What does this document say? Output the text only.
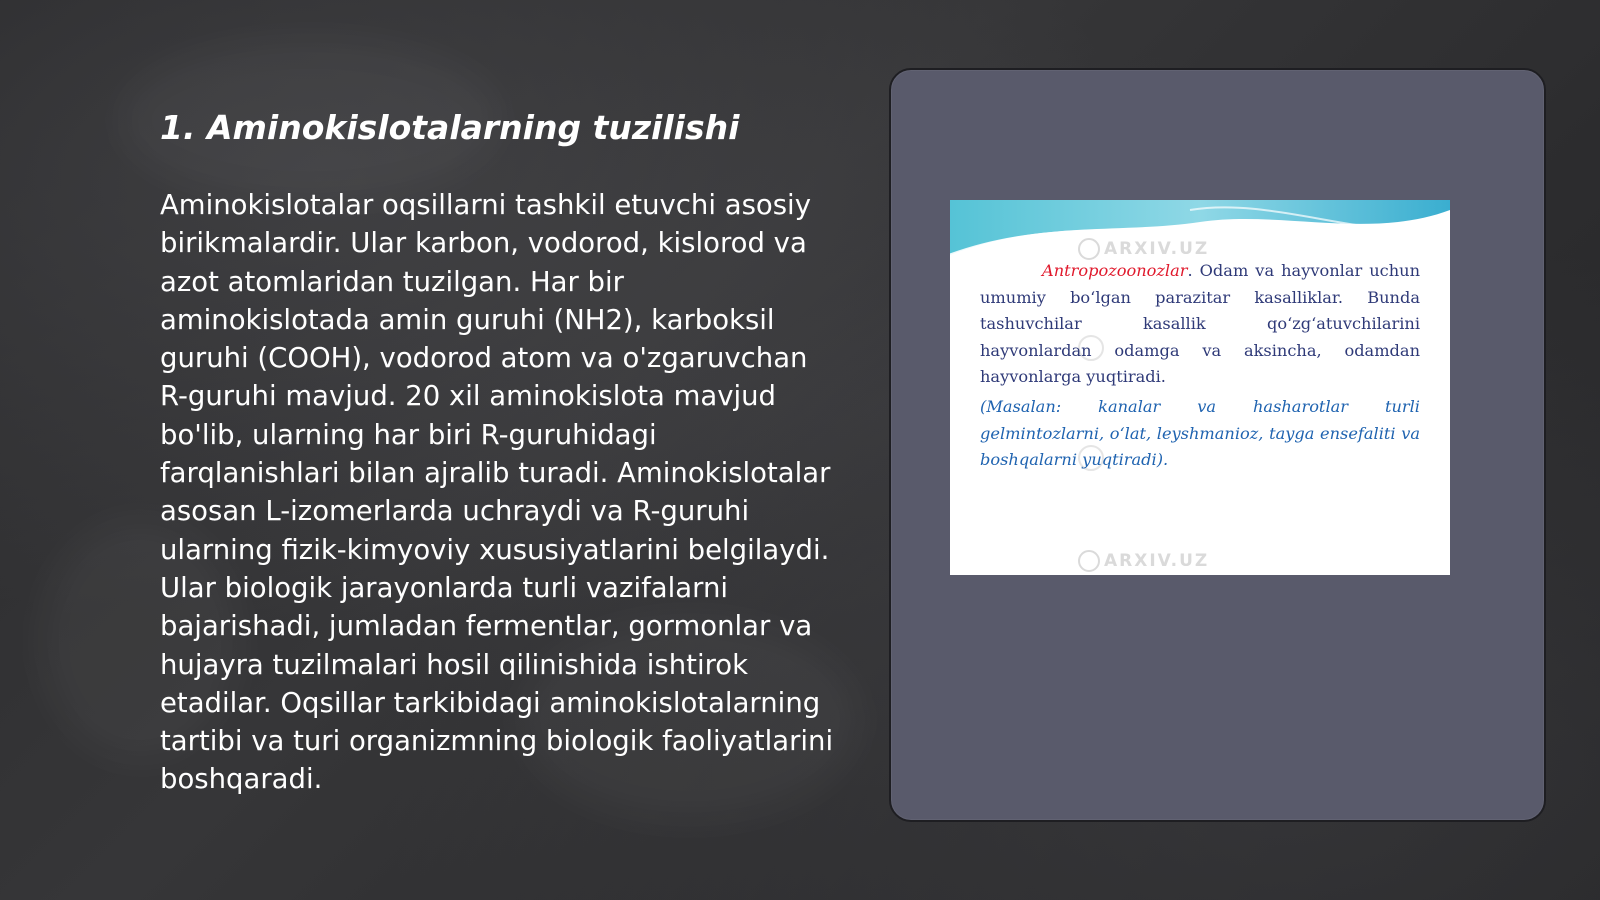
1. Aminokislotalarning tuzilishi

Aminokislotalar oqsillarni tashkil etuvchi asosiy birikmalardir. Ular karbon, vodorod, kislorod va azot atomlaridan tuzilgan. Har bir aminokislotada amin guruhi (NH2), karboksil guruhi (COOH), vodorod atom va o'zgaruvchan R-guruhi mavjud. 20 xil aminokislota mavjud bo'lib, ularning har biri R-guruhidagi farqlanishlari bilan ajralib turadi. Aminokislotalar asosan L-izomerlarda uchraydi va R-guruhi ularning fizik-kimyoviy xususiyatlarini belgilaydi. Ular biologik jarayonlarda turli vazifalarni bajarishadi, jumladan fermentlar, gormonlar va hujayra tuzilmalari hosil qilinishida ishtirok etadilar. Oqsillar tarkibidagi aminokislotalarning tartibi va turi organizmning biologik faoliyatlarini boshqaradi.

ARXIV.UZ

Antropozoonozlar. Odam va hayvonlar uchun umumiy bo‘lgan parazitar kasalliklar. Bunda tashuvchilar kasallik qo‘zg‘atuvchilarini hayvonlardan odamga va aksincha, odamdan hayvonlarga yuqtiradi.

(Masalan: kanalar va hasharotlar turli gelmintozlarni, o‘lat, leyshmanioz, tayga ensefaliti va boshqalarni yuqtiradi).

ARXIV.UZ
